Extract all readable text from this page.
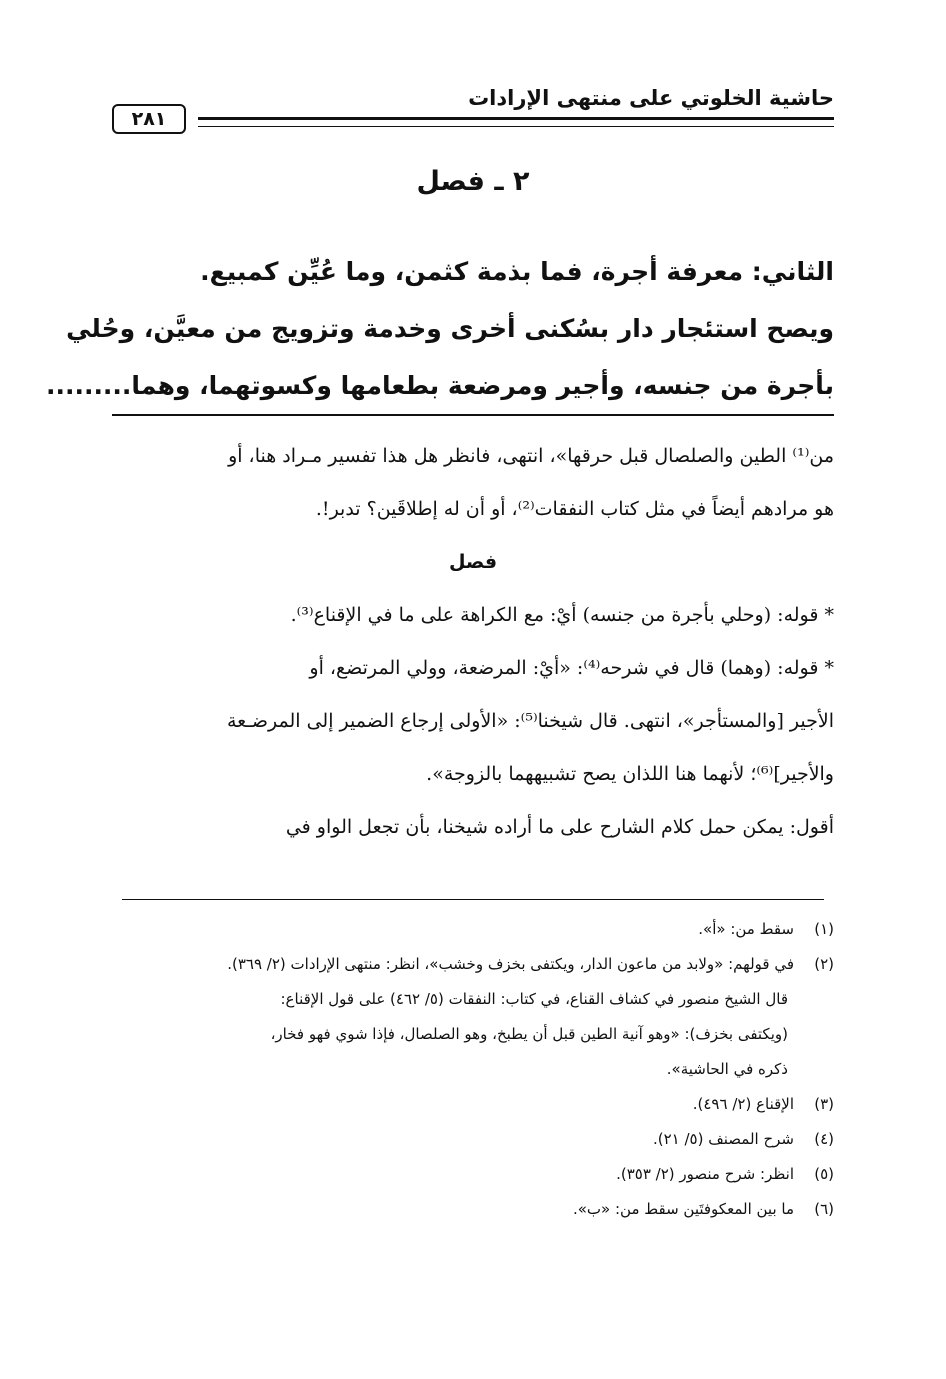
حاشية الخلوتي على منتهى الإرادات
٢٨١
٢ ـ فصل
الثاني: معرفة أجرة، فما بذمة كثمن، وما عُيِّن كمبيع.
ويصح استئجار دار بسُكنى أخرى وخدمة وتزويج من معيَّن، وحُلي
بأجرة من جنسه، وأجير ومرضعة بطعامها وكسوتهما، وهما.........
من⁽¹⁾ الطين والصلصال قبل حرقها»، انتهى، فانظر هل هذا تفسير مـراد هنا، أو
هو مرادهم أيضاً في مثل كتاب النفقات⁽²⁾، أو أن له إطلاقَين؟ تدبر!.
فصل
* قوله: (وحلي بأجرة من جنسه) أيْ: مع الكراهة على ما في الإقناع⁽³⁾.
* قوله: (وهما) قال في شرحه⁽⁴⁾: «أيْ: المرضعة، وولي المرتضع، أو
الأجير [والمستأجر»، انتهى. قال شيخنا⁽⁵⁾: «الأولى إرجاع الضمير إلى المرضـعة
والأجير]⁽⁶⁾؛ لأنهما هنا اللذان يصح تشبيههما بالزوجة».
أقول: يمكن حمل كلام الشارح على ما أراده شيخنا، بأن تجعل الواو في
(١)سقط من: «أ».
(٢)في قولهم: «ولابد من ماعون الدار، ويكتفى بخزف وخشب»، انظر: منتهى الإرادات (٢/ ٣٦٩).
قال الشيخ منصور في كشاف القناع، في كتاب: النفقات (٥/ ٤٦٢) على قول الإقناع:
(ويكتفى بخزف): «وهو آنية الطين قبل أن يطبخ، وهو الصلصال، فإذا شوي فهو فخار،
ذكره في الحاشية».
(٣)الإقناع (٢/ ٤٩٦).
(٤)شرح المصنف (٥/ ٢١).
(٥)انظر: شرح منصور (٢/ ٣٥٣).
(٦)ما بين المعكوفتَين سقط من: «ب».
